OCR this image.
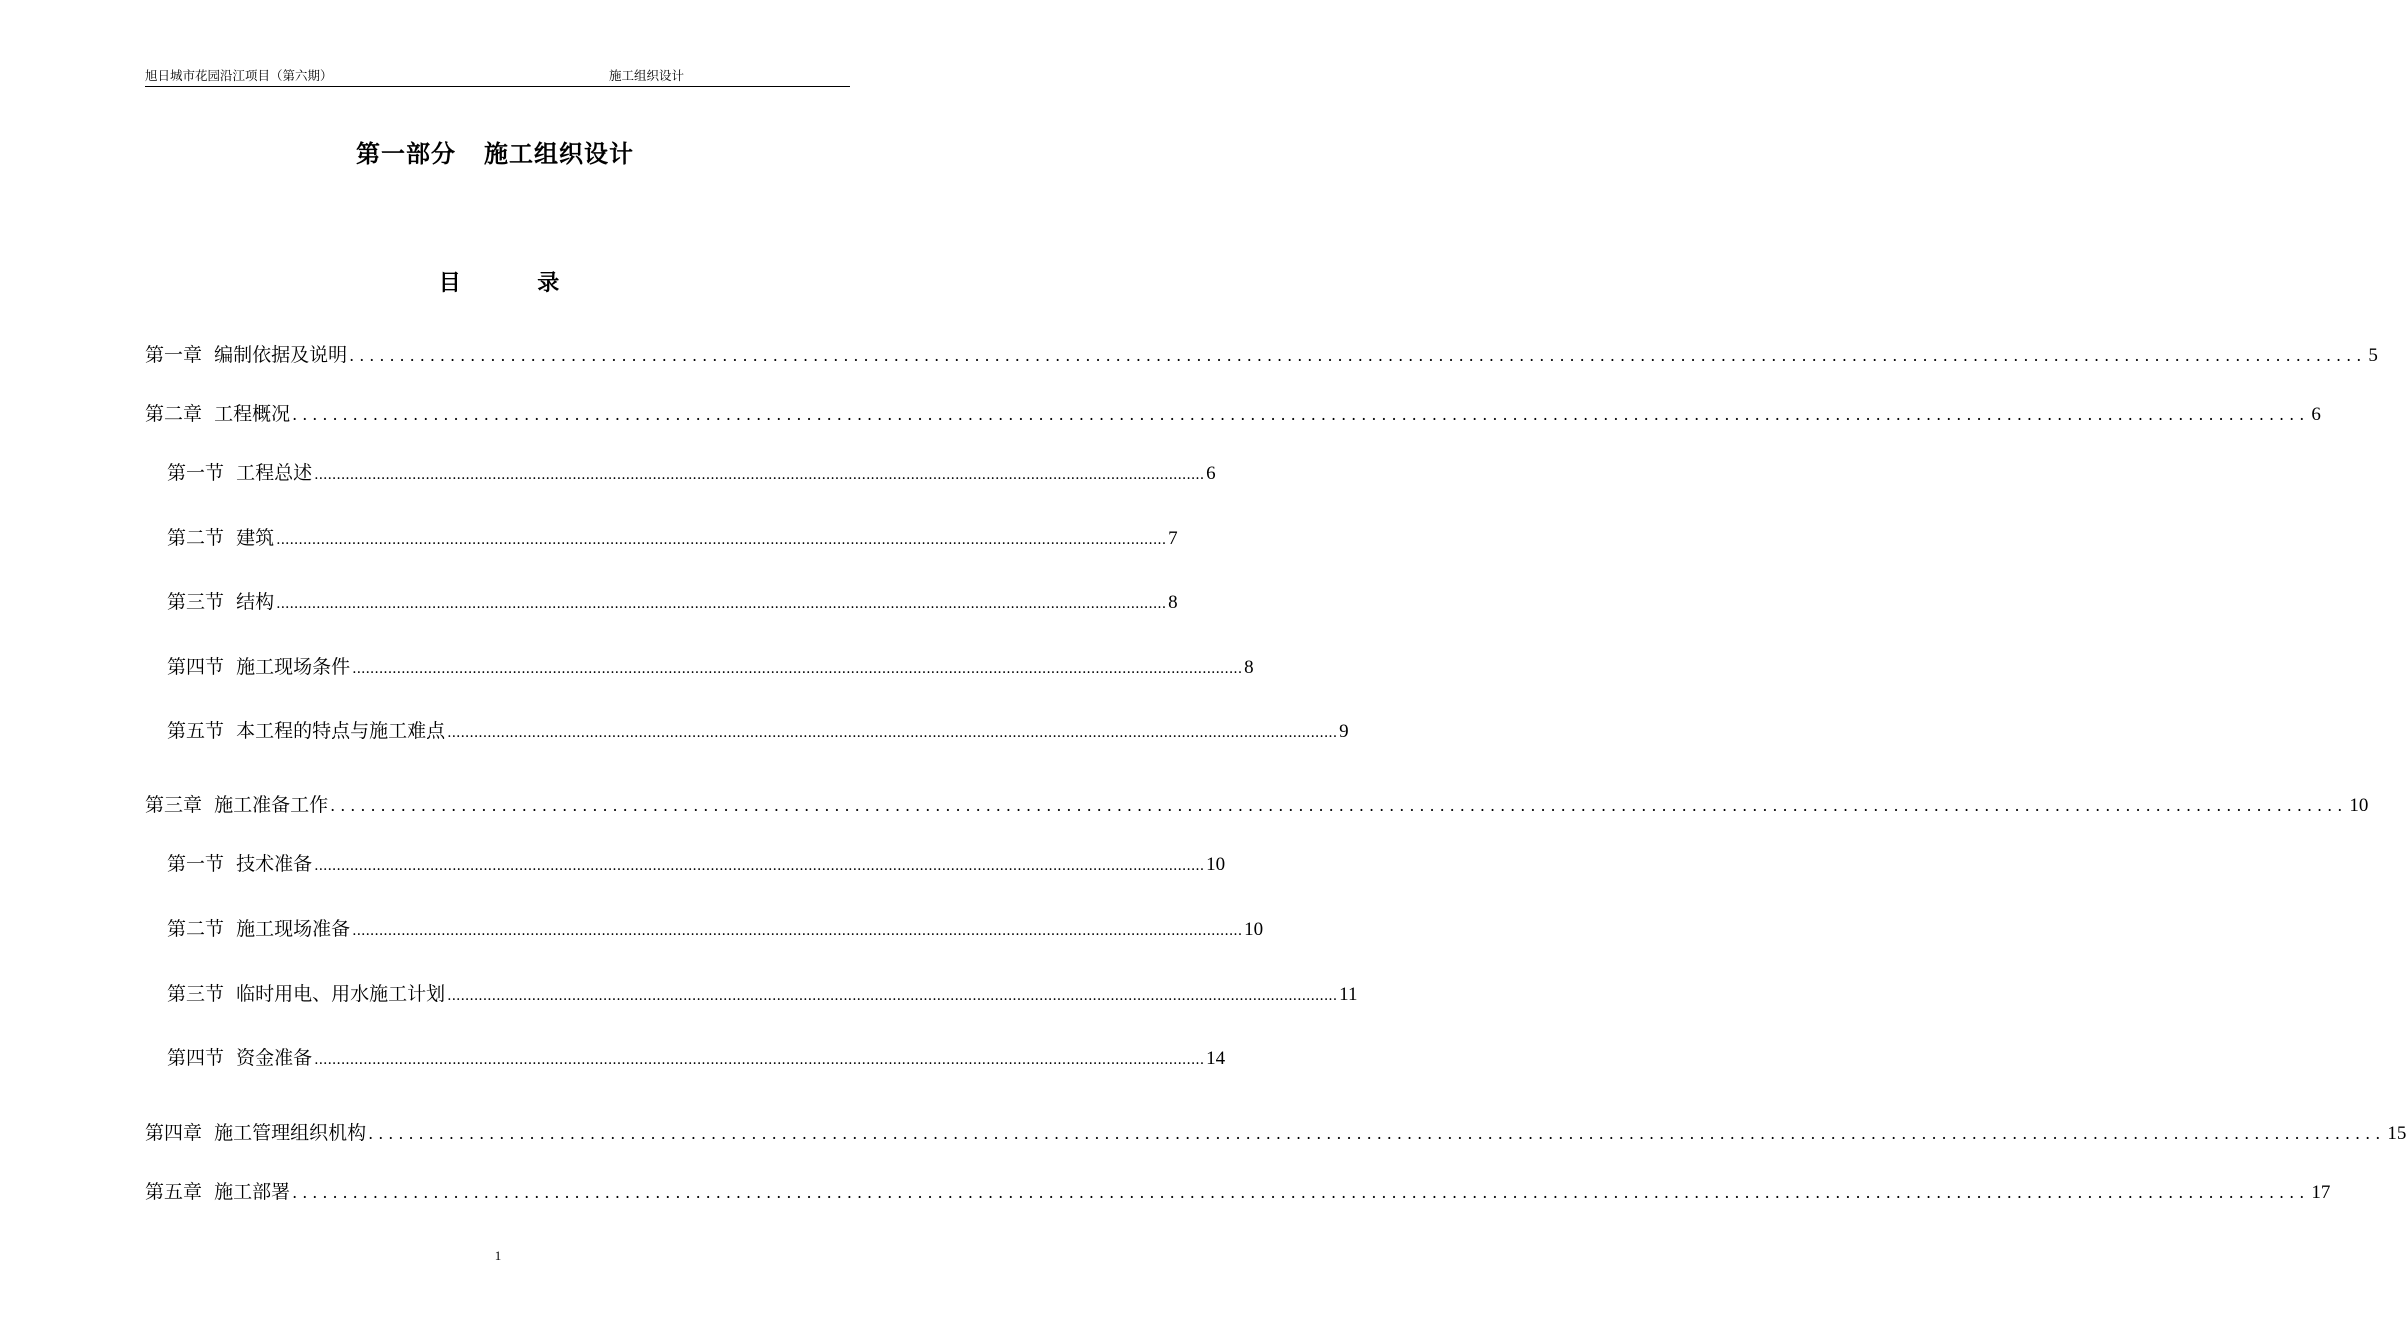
旭日城市花园沿江项目（第六期）	施工组织设计
第一部分   施工组织设计
目          录
第一章
编制依据及说明 ........................................................................................................................................................................................................ 5
第二章
工程概况 ........................................................................................................................................................................................................ 6
第一节
工程总述 ........................................................................................................................................................................................................ 6
第二节
建筑 ........................................................................................................................................................................................................ 7
第三节
结构 ........................................................................................................................................................................................................ 8
第四节
施工现场条件 ........................................................................................................................................................................................................ 8
第五节
本工程的特点与施工难点 ........................................................................................................................................................................................................ 9
第三章
施工准备工作 ........................................................................................................................................................................................................ 10
第一节
技术准备 ........................................................................................................................................................................................................ 10
第二节
施工现场准备 ........................................................................................................................................................................................................ 10
第三节
临时用电、用水施工计划 ........................................................................................................................................................................................................ 11
第四节
资金准备 ........................................................................................................................................................................................................ 14
第四章
施工管理组织机构 ........................................................................................................................................................................................................ 15
第五章
施工部署 ........................................................................................................................................................................................................ 17
1
